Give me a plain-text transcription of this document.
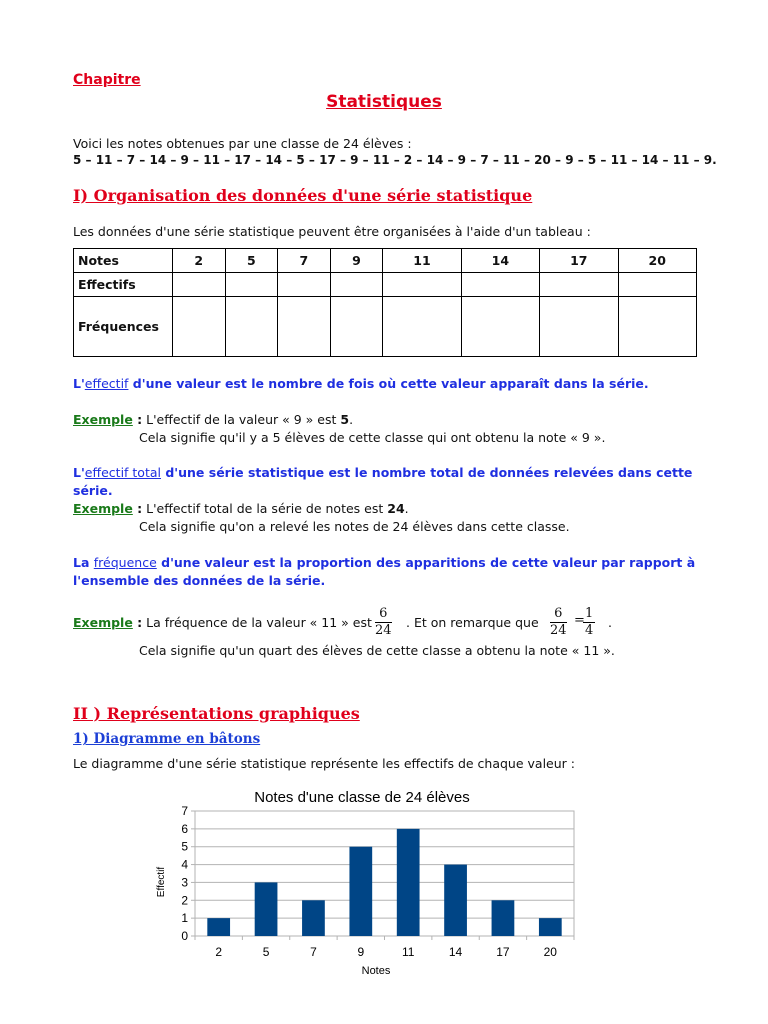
Chapitre
Statistiques
Voici les notes obtenues par une classe de 24 élèves :
5 – 11 – 7 – 14 – 9 – 11 – 17 – 14 – 5 – 17 – 9 – 11 – 2 – 14 – 9 – 7 – 11 – 20 – 9 – 5 – 11 – 14 – 11 – 9.
I) Organisation des données d'une série statistique
Les données d'une série statistique peuvent être organisées à l'aide d'un tableau :
Notes	2	5	7	9	11	14	17	20
Effectifs								
Fréquences								
L'effectif d'une valeur est le nombre de fois où cette valeur apparaît dans la série.
Exemple : L'effectif de la valeur « 9 » est 5.
Cela signifie qu'il y a 5 élèves de cette classe qui ont obtenu la note « 9 ».
L'effectif total d'une série statistique est le nombre total de données relevées dans cette série.
Exemple : L'effectif total de la série de notes est 24.
Cela signifie qu'on a relevé les notes de 24 élèves dans cette classe.
La fréquence d'une valeur est la proportion des apparitions de cette valeur par rapport à
l'ensemble des données de la série.
Exemple : La fréquence de la valeur « 11 » est $\frac{6}{24}$ . Et on remarque que $\frac{6}{24}$ =
$\frac{1}{4}$ .
Cela signifie qu'un quart des élèves de cette classe a obtenu la note « 11 ».
II ) Représentations graphiques
1) Diagramme en bâtons
Le diagramme d'une série statistique représente les effectifs de chaque valeur :
Notes d'une classe de 24 élèves
0
1
2
3
4
5
6
7
2	5	7	9	11	14	17	20
Effectif
Notes
